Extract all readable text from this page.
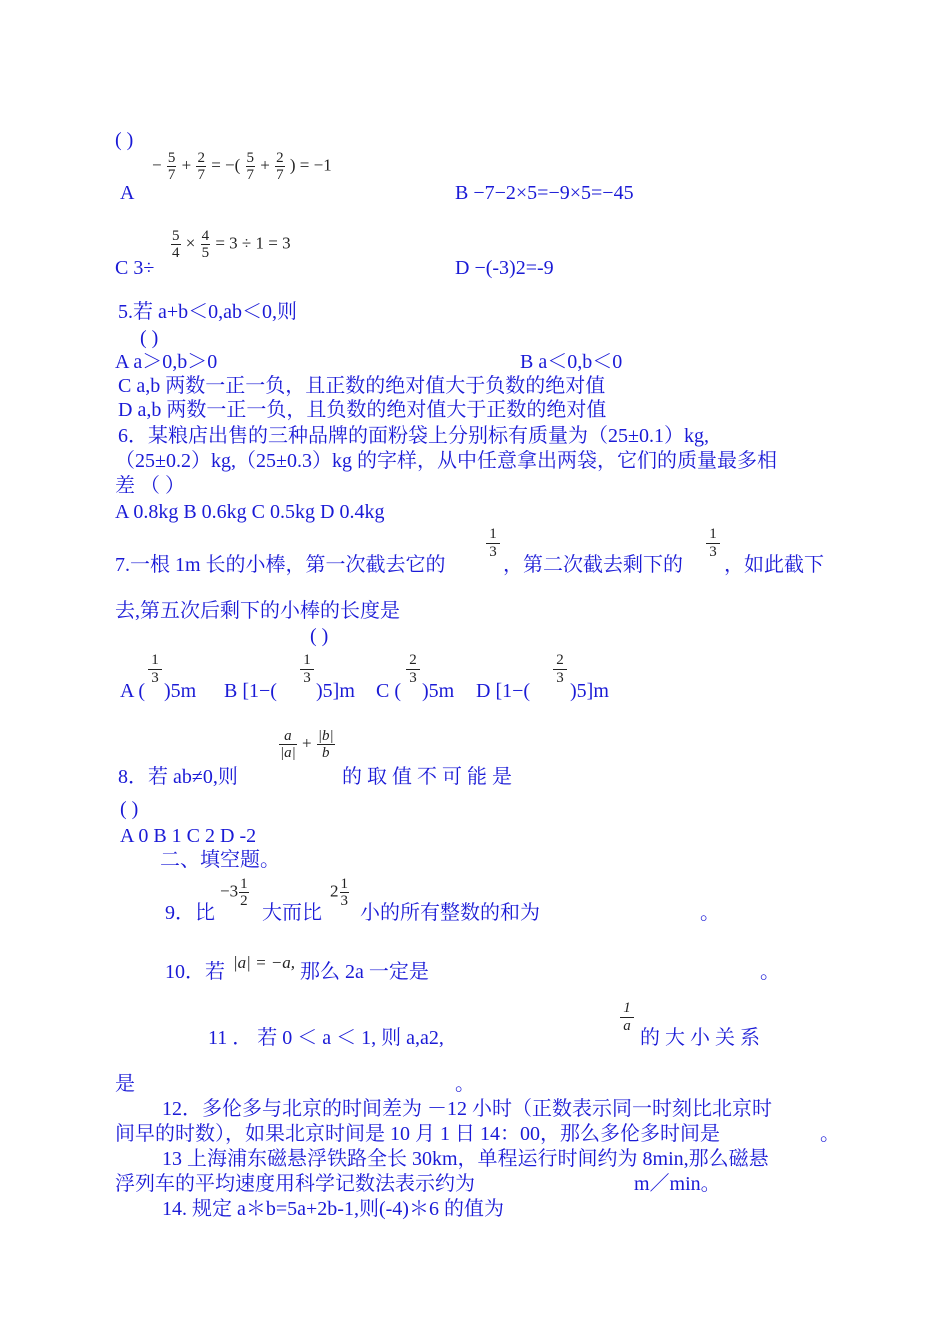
( )
A
− $\frac{5}{7} + \frac{2}{7}$ = −( $\frac{5}{7} + \frac{2}{7}$ ) = −1
B −7−2×5=−9×5=−45
C 3÷
$\frac{5}{4} \times \frac{4}{5} = 3 \div 1 = 3$
D −(-3)2=-9
5.若 a+b＜0,ab＜0,则
( )
A a＞0,b＞0	B a＜0,b＜0
C a,b 两数一正一负，且正数的绝对值大于负数的绝对值
D a,b 两数一正一负，且负数的绝对值大于正数的绝对值
6．某粮店出售的三种品牌的面粉袋上分别标有质量为（25±0.1）kg,
（25±0.2）kg,（25±0.3）kg 的字样，从中任意拿出两袋，它们的质量最多相
差 （ ）
A 0.8kg B 0.6kg C 0.5kg D 0.4kg
7.一根 1m 长的小棒，第一次截去它的
1
3
，第二次截去剩下的
1
3
，如此截下
去,第五次后剩下的小棒的长度是
( )
A (
1
3
)5m B [1−(
1
3
)5]m C (
2
3
)5m D [1−(
2
3
)5]m
8．若 ab≠0,则
$\frac{a}{|a|} + \frac{|b|}{b}$
的 取 值 不 可 能 是
( )
A 0 B 1 C 2 D -2
二、填空题。
9．比
$-3 \frac{1}{2}$
大而比
$2 \frac{1}{3}$
小的所有整数的和为	。
10．若 |a| = −a, 那么 2a 一定是	。
11 ． 若 0 ＜ a ＜ 1, 则 a,a2,
1
a
的 大 小 关 系
是	。
12．多伦多与北京的时间差为 －12 小时（正数表示同一时刻比北京时
间早的时数），如果北京时间是 10 月 1 日 14：00，那么多伦多时间是	。
13 上海浦东磁悬浮铁路全长 30km，单程运行时间约为 8min,那么磁悬
浮列车的平均速度用科学记数法表示约为	m／min。
14. 规定 a＊b=5a+2b-1,则(-4)＊6 的值为
